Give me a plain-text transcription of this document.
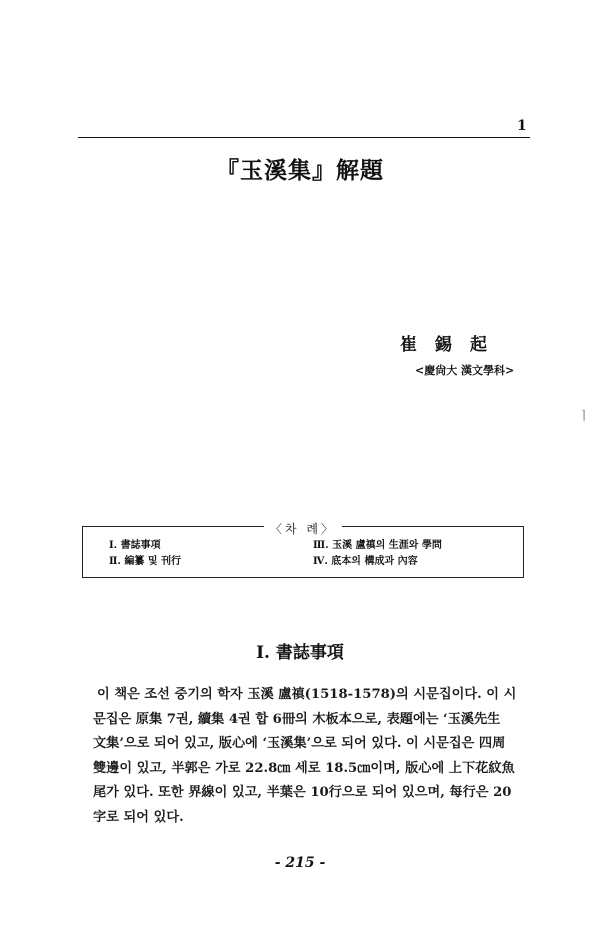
1
『玉溪集』解題
崔錫起
<慶尙大 漢文學科>
〈차 례〉
Ⅰ. 書誌事項
Ⅱ. 編纂 및 刊行
Ⅲ. 玉溪 盧禛의 生涯와 學問
Ⅳ. 底本의 構成과 內容
Ⅰ. 書誌事項
이 책은 조선 중기의 학자 玉溪 盧禛(1518-1578)의 시문집이다. 이 시
문집은 原集 7권, 續集 4권 합 6冊의 木板本으로, 表題에는 ‘玉溪先生
文集’으로 되어 있고, 版心에 ‘玉溪集’으로 되어 있다. 이 시문집은 四周
雙邊이 있고, 半郭은 가로 22.8㎝ 세로 18.5㎝이며, 版心에 上下花紋魚
尾가 있다. 또한 界線이 있고, 半葉은 10行으로 되어 있으며, 每行은 20
字로 되어 있다.
- 215 -
⌉
